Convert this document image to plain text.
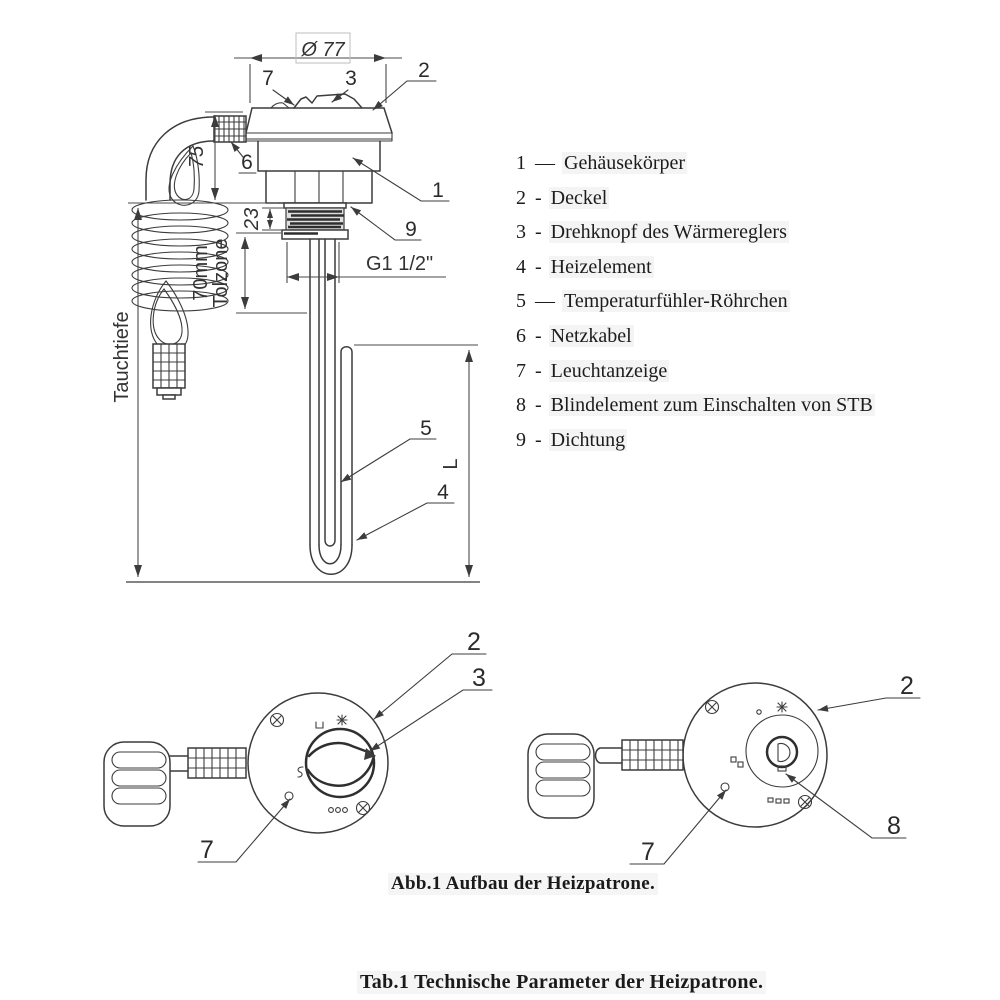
Ø 77
75
Tauchtiefe
23
70mm
Tolzone	G1 1/2"
L
7	3	2
6
1
9
5
4
2
3
7
2
8
7
1 — Gehäusekörper
2 - Deckel
3 - Drehknopf des Wärmereglers
4 - Heizelement
5 — Temperaturfühler-Röhrchen
6 - Netzkabel
7 - Leuchtanzeige
8 - Blindelement zum Einschalten von STB
9 - Dichtung
Abb.1 Aufbau der Heizpatrone.
Tab.1 Technische Parameter der Heizpatrone.
